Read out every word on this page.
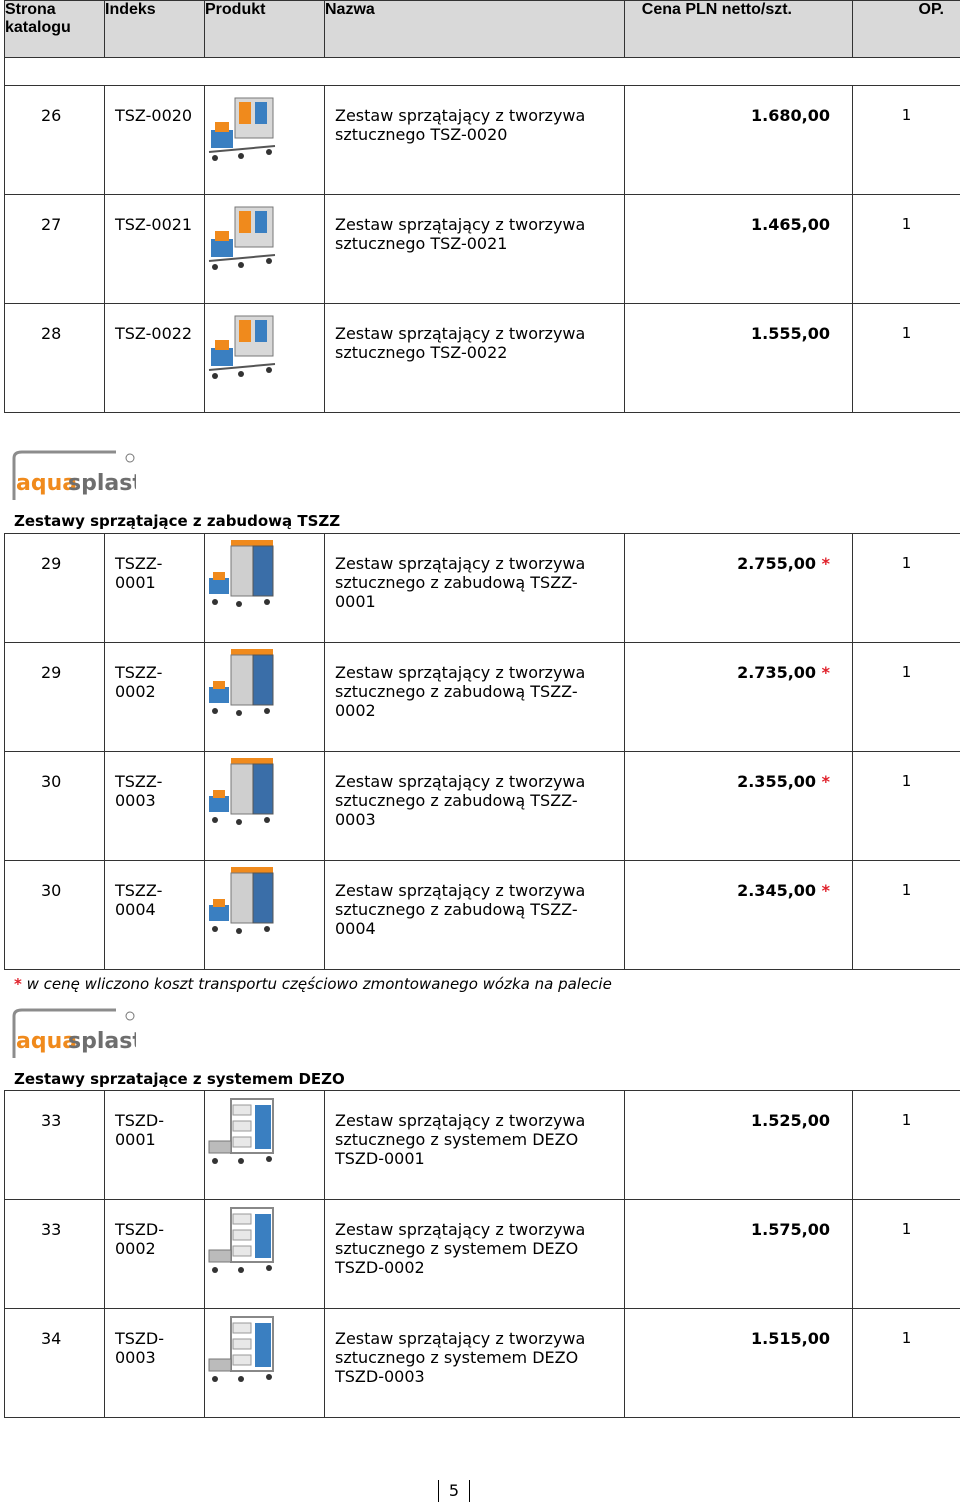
Strona katalogu	Indeks	Produkt	Nazwa	Cena PLN netto/szt.	OP.

26	TSZ-0020		Zestaw sprzątający z tworzywa sztucznego TSZ-0020	1.680,00	1

27	TSZ-0021		Zestaw sprzątający z tworzywa sztucznego TSZ-0021	1.465,00	1

28	TSZ-0022		Zestaw sprzątający z tworzywa sztucznego TSZ-0022	1.555,00	1
aqua
splast
Zestawy sprzątające z zabudową TSZZ
29	TSZZ-0001		Zestaw sprzątający z tworzywa sztucznego z zabudową TSZZ-0001	2.755,00 *	1

29	TSZZ-0002		Zestaw sprzątający z tworzywa sztucznego z zabudową TSZZ-0002	2.735,00 *	1

30	TSZZ-0003		Zestaw sprzątający z tworzywa sztucznego z zabudową TSZZ-0003	2.355,00 *	1

30	TSZZ-0004		Zestaw sprzątający z tworzywa sztucznego z zabudową TSZZ-0004	2.345,00 *	1
* w cenę wliczono koszt transportu częściowo zmontowanego wózka na palecie
aqua
splast
Zestawy sprzatające z systemem DEZO
33	TSZD-0001		Zestaw sprzątający z tworzywa sztucznego z systemem DEZO TSZD-0001	1.525,00	1

33	TSZD-0002		Zestaw sprzątający z tworzywa sztucznego z systemem DEZO TSZD-0002	1.575,00	1

34	TSZD-0003		Zestaw sprzątający z tworzywa sztucznego z systemem DEZO TSZD-0003	1.515,00	1
5
